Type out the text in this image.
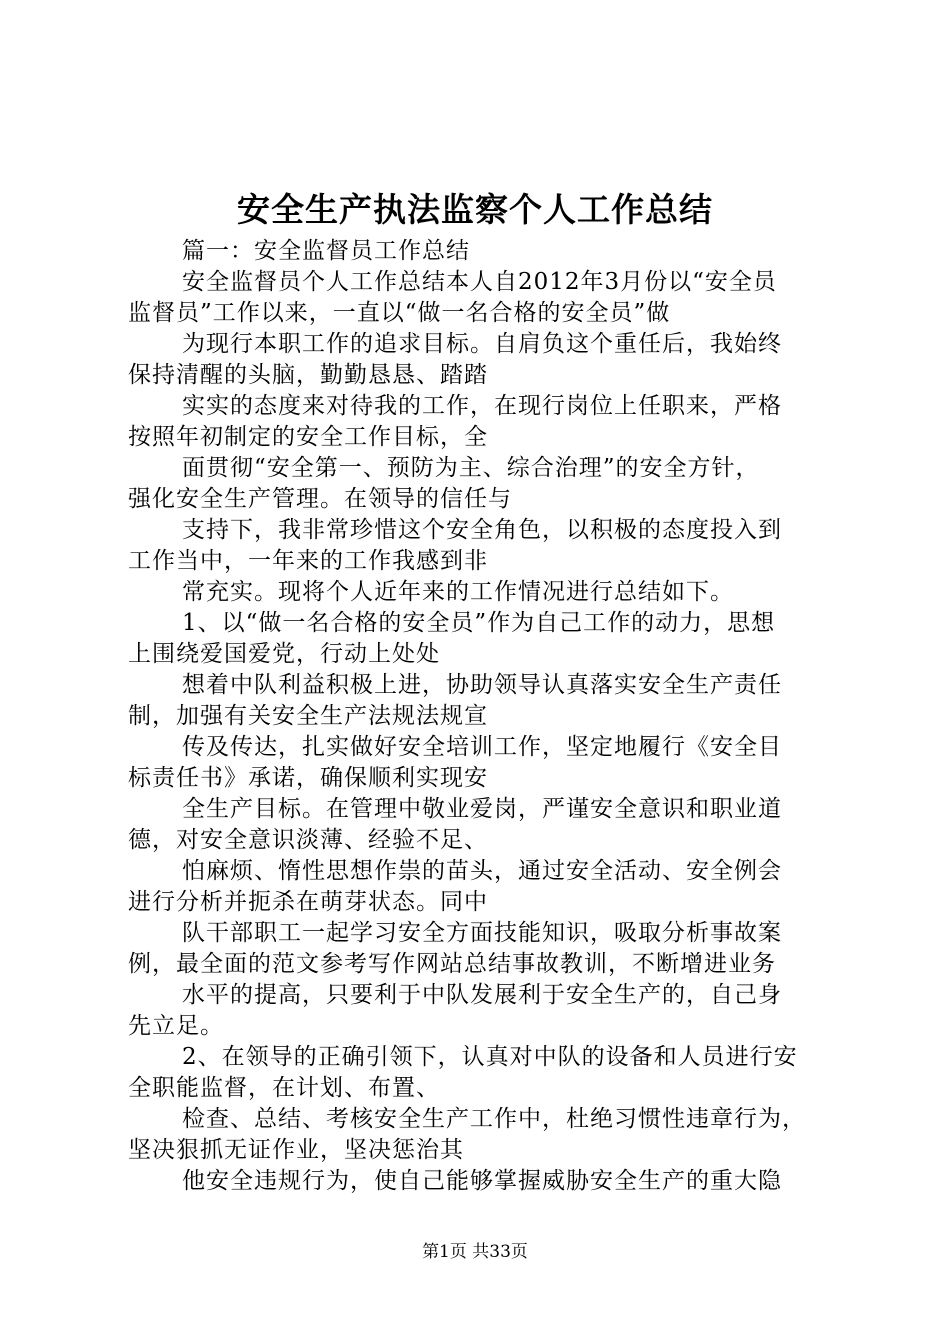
安全生产执法监察个人工作总结
篇一：安全监督员工作总结
安全监督员个人工作总结本人自2012年3月份以“安全员
监督员”工作以来，一直以“做一名合格的安全员”做
为现行本职工作的追求目标。自肩负这个重任后，我始终
保持清醒的头脑，勤勤恳恳、踏踏
实实的态度来对待我的工作，在现行岗位上任职来，严格
按照年初制定的安全工作目标，全
面贯彻“安全第一、预防为主、综合治理”的安全方针，
强化安全生产管理。在领导的信任与
支持下，我非常珍惜这个安全角色，以积极的态度投入到
工作当中，一年来的工作我感到非
常充实。现将个人近年来的工作情况进行总结如下。
1、以“做一名合格的安全员”作为自己工作的动力，思想
上围绕爱国爱党，行动上处处
想着中队利益积极上进，协助领导认真落实安全生产责任
制，加强有关安全生产法规法规宣
传及传达，扎实做好安全培训工作，坚定地履行《安全目
标责任书》承诺，确保顺利实现安
全生产目标。在管理中敬业爱岗，严谨安全意识和职业道
德，对安全意识淡薄、经验不足、
怕麻烦、惰性思想作祟的苗头，通过安全活动、安全例会
进行分析并扼杀在萌芽状态。同中
队干部职工一起学习安全方面技能知识，吸取分析事故案
例，最全面的范文参考写作网站总结事故教训，不断增进业务
水平的提高，只要利于中队发展利于安全生产的，自己身
先立足。
2、在领导的正确引领下，认真对中队的设备和人员进行安
全职能监督，在计划、布置、
检查、总结、考核安全生产工作中，杜绝习惯性违章行为，
坚决狠抓无证作业，坚决惩治其
他安全违规行为，使自己能够掌握威胁安全生产的重大隐
第1页 共33页
